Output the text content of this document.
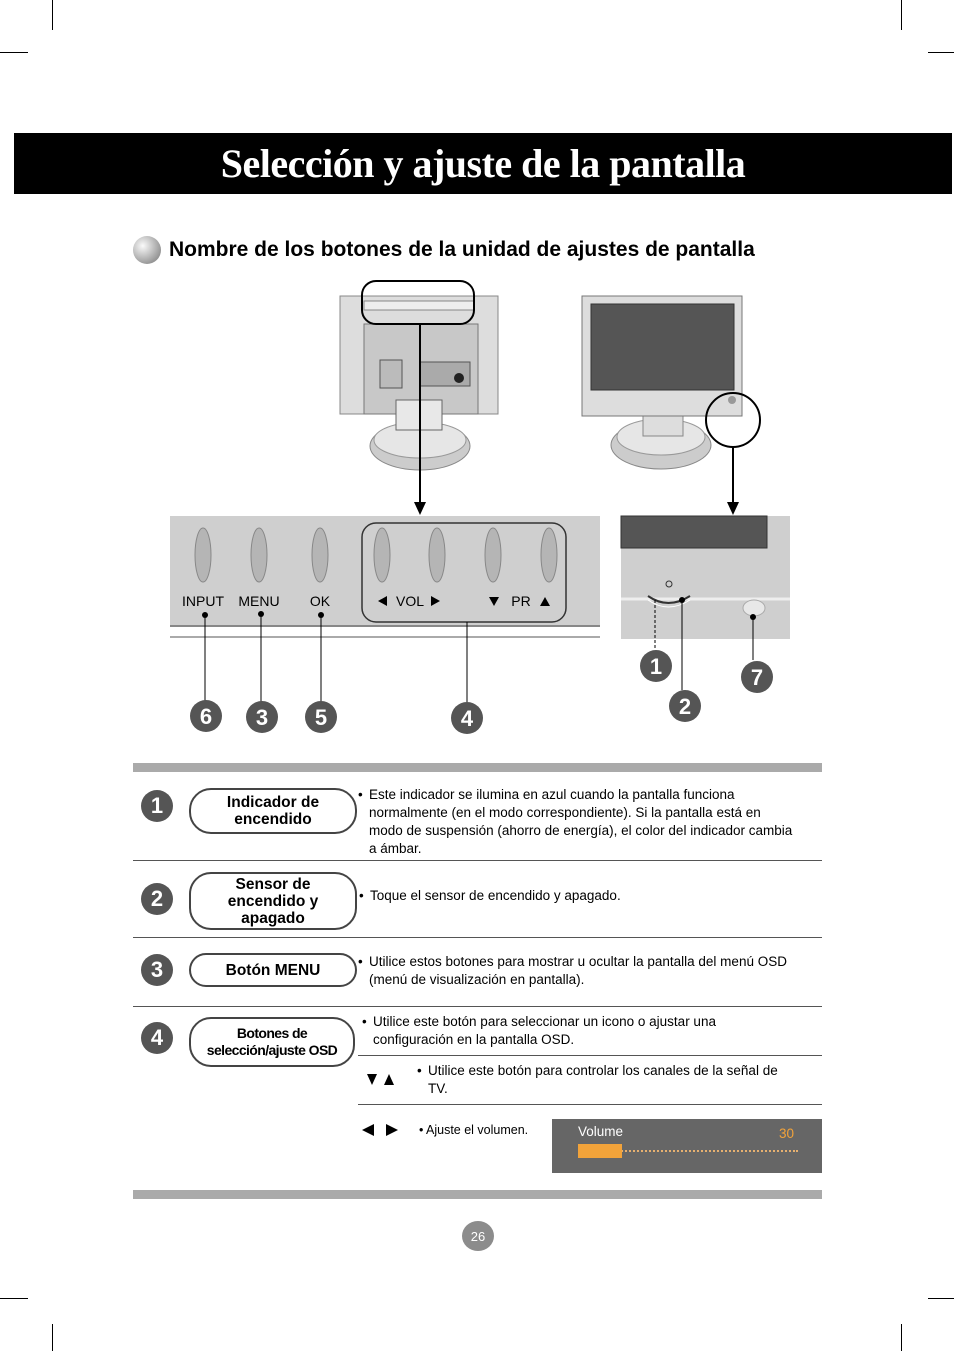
Selección y ajuste de la pantalla
Nombre de los botones de la unidad de ajustes de pantalla
INPUT MENU OK	VOL	PR
1
2
3	4
5
6
7
1	Indicador de
encendido
• Este indicador se ilumina en azul cuando la pantalla funciona
normalmente (en el modo correspondiente). Si la pantalla está en
modo de suspensión (ahorro de energía), el color del indicador cambia
a ámbar.
2
Sensor de
encendido y
apagado
• Toque el sensor de encendido y apagado.
3	Botón MENU	• Utilice estos botones para mostrar u ocultar la pantalla del menú OSD
(menú de visualización en pantalla).
4	Botones de
selección/ajuste OSD
• Utilice este botón para seleccionar un icono o ajustar una
configuración en la pantalla OSD.
• Utilice este botón para controlar los canales de la señal de
TV.
• Ajuste el volumen.	Volume	30
26
